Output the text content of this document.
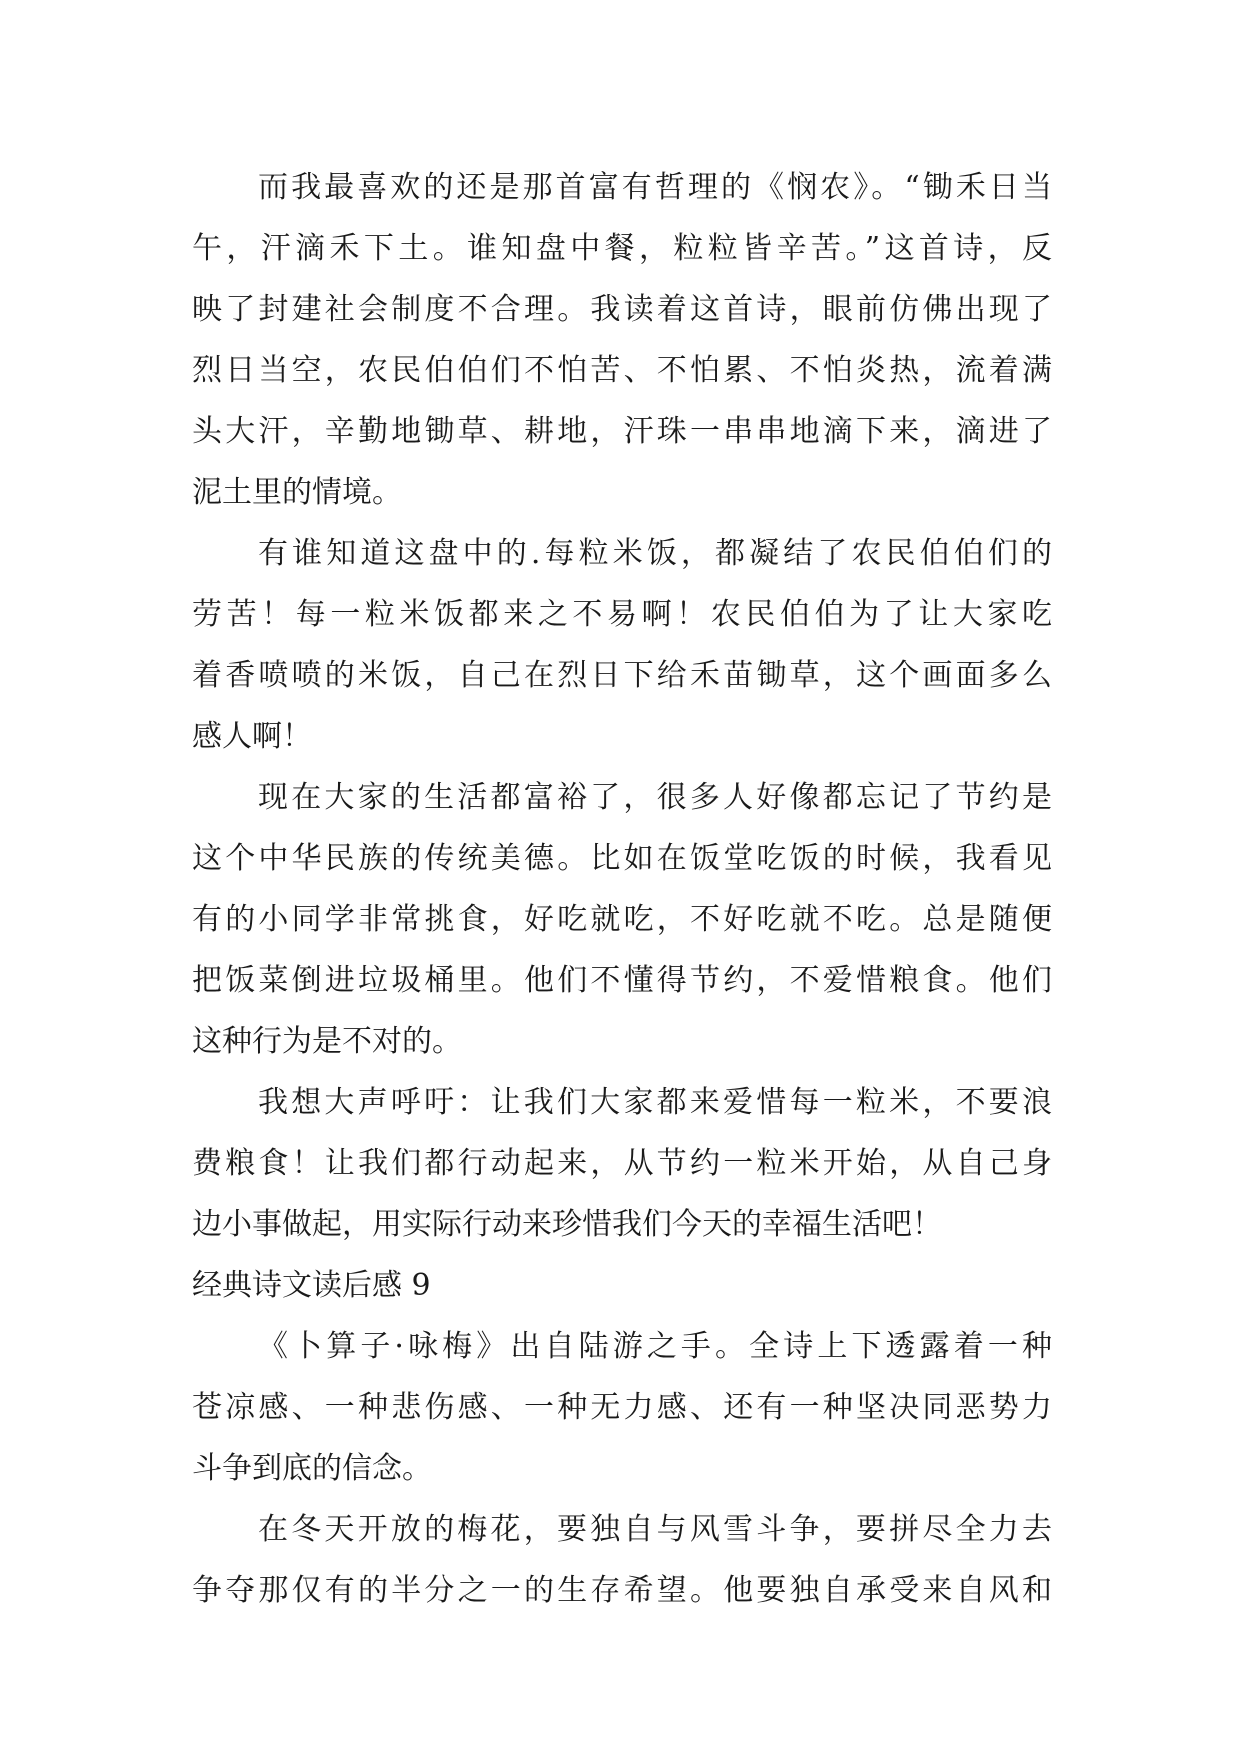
而我最喜欢的还是那首富有哲理的《悯农》。“锄禾日当
午，汗滴禾下土。谁知盘中餐，粒粒皆辛苦。”这首诗，反
映了封建社会制度不合理。我读着这首诗，眼前仿佛出现了
烈日当空，农民伯伯们不怕苦、不怕累、不怕炎热，流着满
头大汗，辛勤地锄草、耕地，汗珠一串串地滴下来，滴进了
泥土里的情境。
有谁知道这盘中的.每粒米饭，都凝结了农民伯伯们的
劳苦！每一粒米饭都来之不易啊！农民伯伯为了让大家吃
着香喷喷的米饭，自己在烈日下给禾苗锄草，这个画面多么
感人啊！
现在大家的生活都富裕了，很多人好像都忘记了节约是
这个中华民族的传统美德。比如在饭堂吃饭的时候，我看见
有的小同学非常挑食，好吃就吃，不好吃就不吃。总是随便
把饭菜倒进垃圾桶里。他们不懂得节约，不爱惜粮食。他们
这种行为是不对的。
我想大声呼吁：让我们大家都来爱惜每一粒米，不要浪
费粮食！让我们都行动起来，从节约一粒米开始，从自己身
边小事做起，用实际行动来珍惜我们今天的幸福生活吧！
经典诗文读后感 9
《卜算子·咏梅》出自陆游之手。全诗上下透露着一种
苍凉感、一种悲伤感、一种无力感、还有一种坚决同恶势力
斗争到底的信念。
在冬天开放的梅花，要独自与风雪斗争，要拼尽全力去
争夺那仅有的半分之一的生存希望。他要独自承受来自风和
